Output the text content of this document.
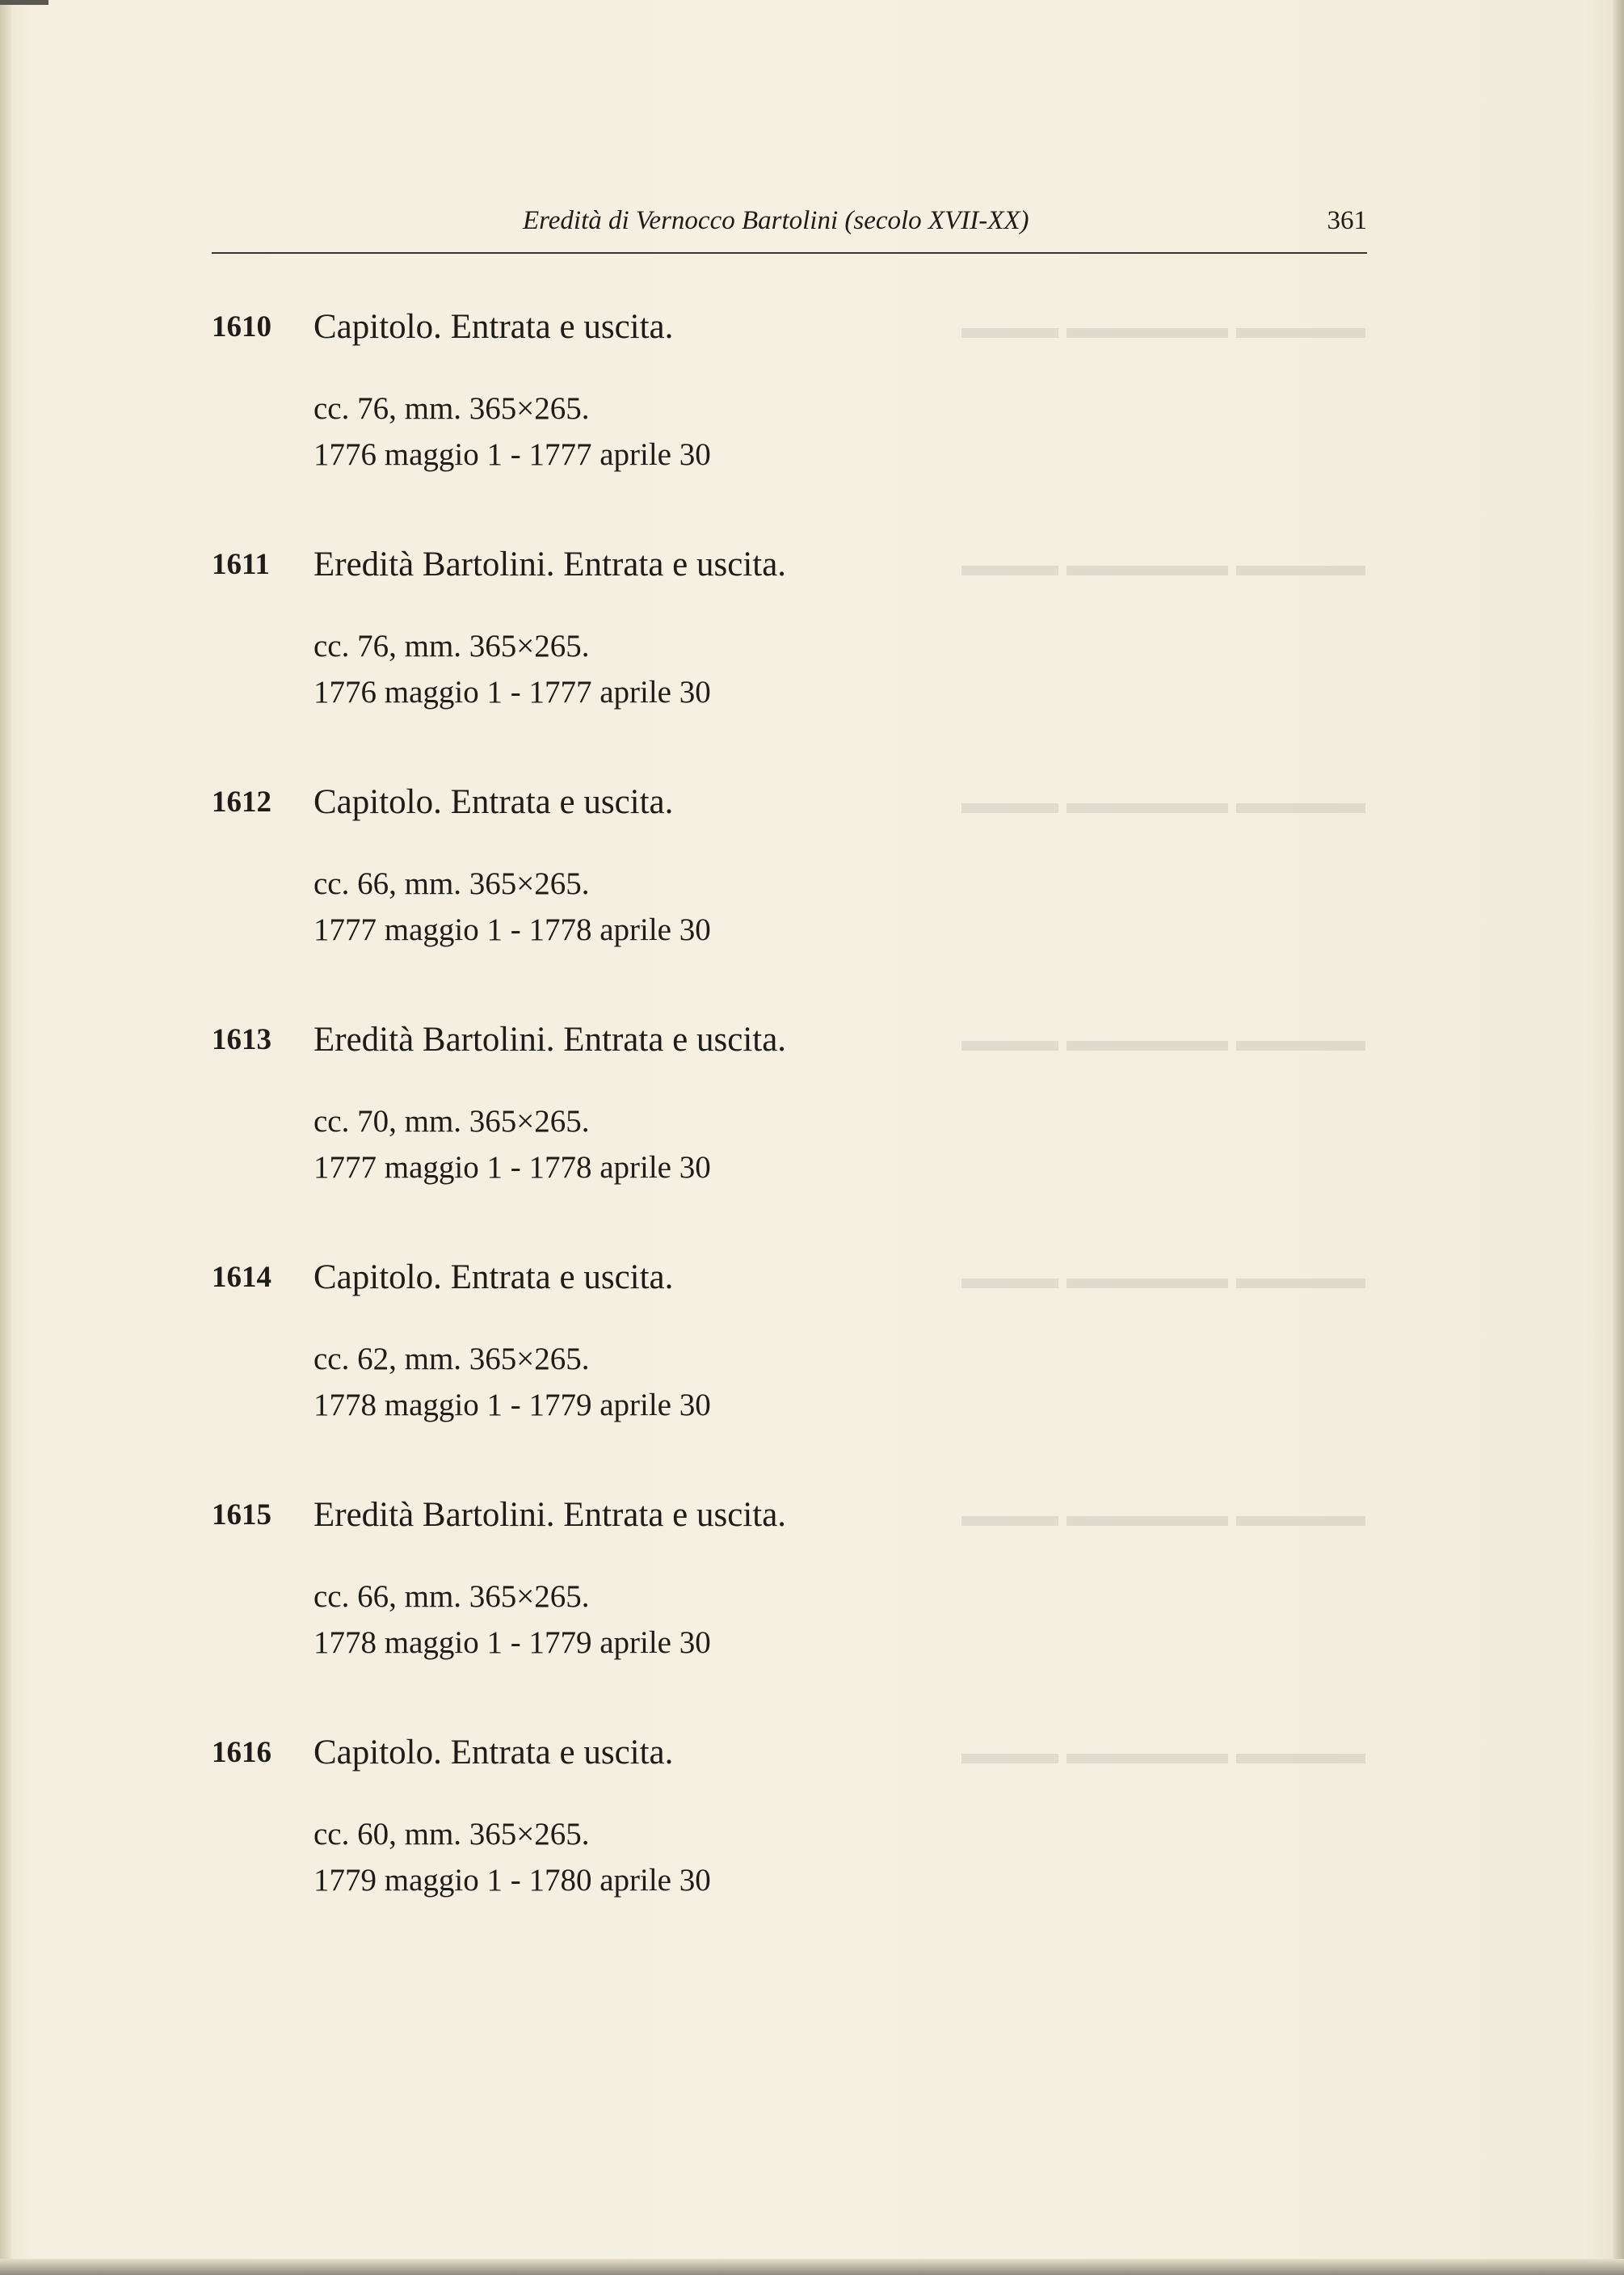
▬▬▬▬ ▬▬▬▬▬ ▬▬▬
▬▬▬▬ ▬▬▬▬▬ ▬▬▬
▬▬▬▬ ▬▬▬▬▬ ▬▬▬
▬▬▬▬ ▬▬▬▬▬ ▬▬▬
▬▬▬▬ ▬▬▬▬▬ ▬▬▬
▬▬▬▬ ▬▬▬▬▬ ▬▬▬
▬▬▬▬ ▬▬▬▬▬ ▬▬▬
Eredità di Vernocco Bartolini (secolo XVII-XX)	361
1610 Capitolo. Entrata e uscita.
cc. 76, mm. 365×265.
1776 maggio 1 - 1777 aprile 30
1611 Eredità Bartolini. Entrata e uscita.
cc. 76, mm. 365×265.
1776 maggio 1 - 1777 aprile 30
1612 Capitolo. Entrata e uscita.
cc. 66, mm. 365×265.
1777 maggio 1 - 1778 aprile 30
1613 Eredità Bartolini. Entrata e uscita.
cc. 70, mm. 365×265.
1777 maggio 1 - 1778 aprile 30
1614 Capitolo. Entrata e uscita.
cc. 62, mm. 365×265.
1778 maggio 1 - 1779 aprile 30
1615 Eredità Bartolini. Entrata e uscita.
cc. 66, mm. 365×265.
1778 maggio 1 - 1779 aprile 30
1616 Capitolo. Entrata e uscita.
cc. 60, mm. 365×265.
1779 maggio 1 - 1780 aprile 30
